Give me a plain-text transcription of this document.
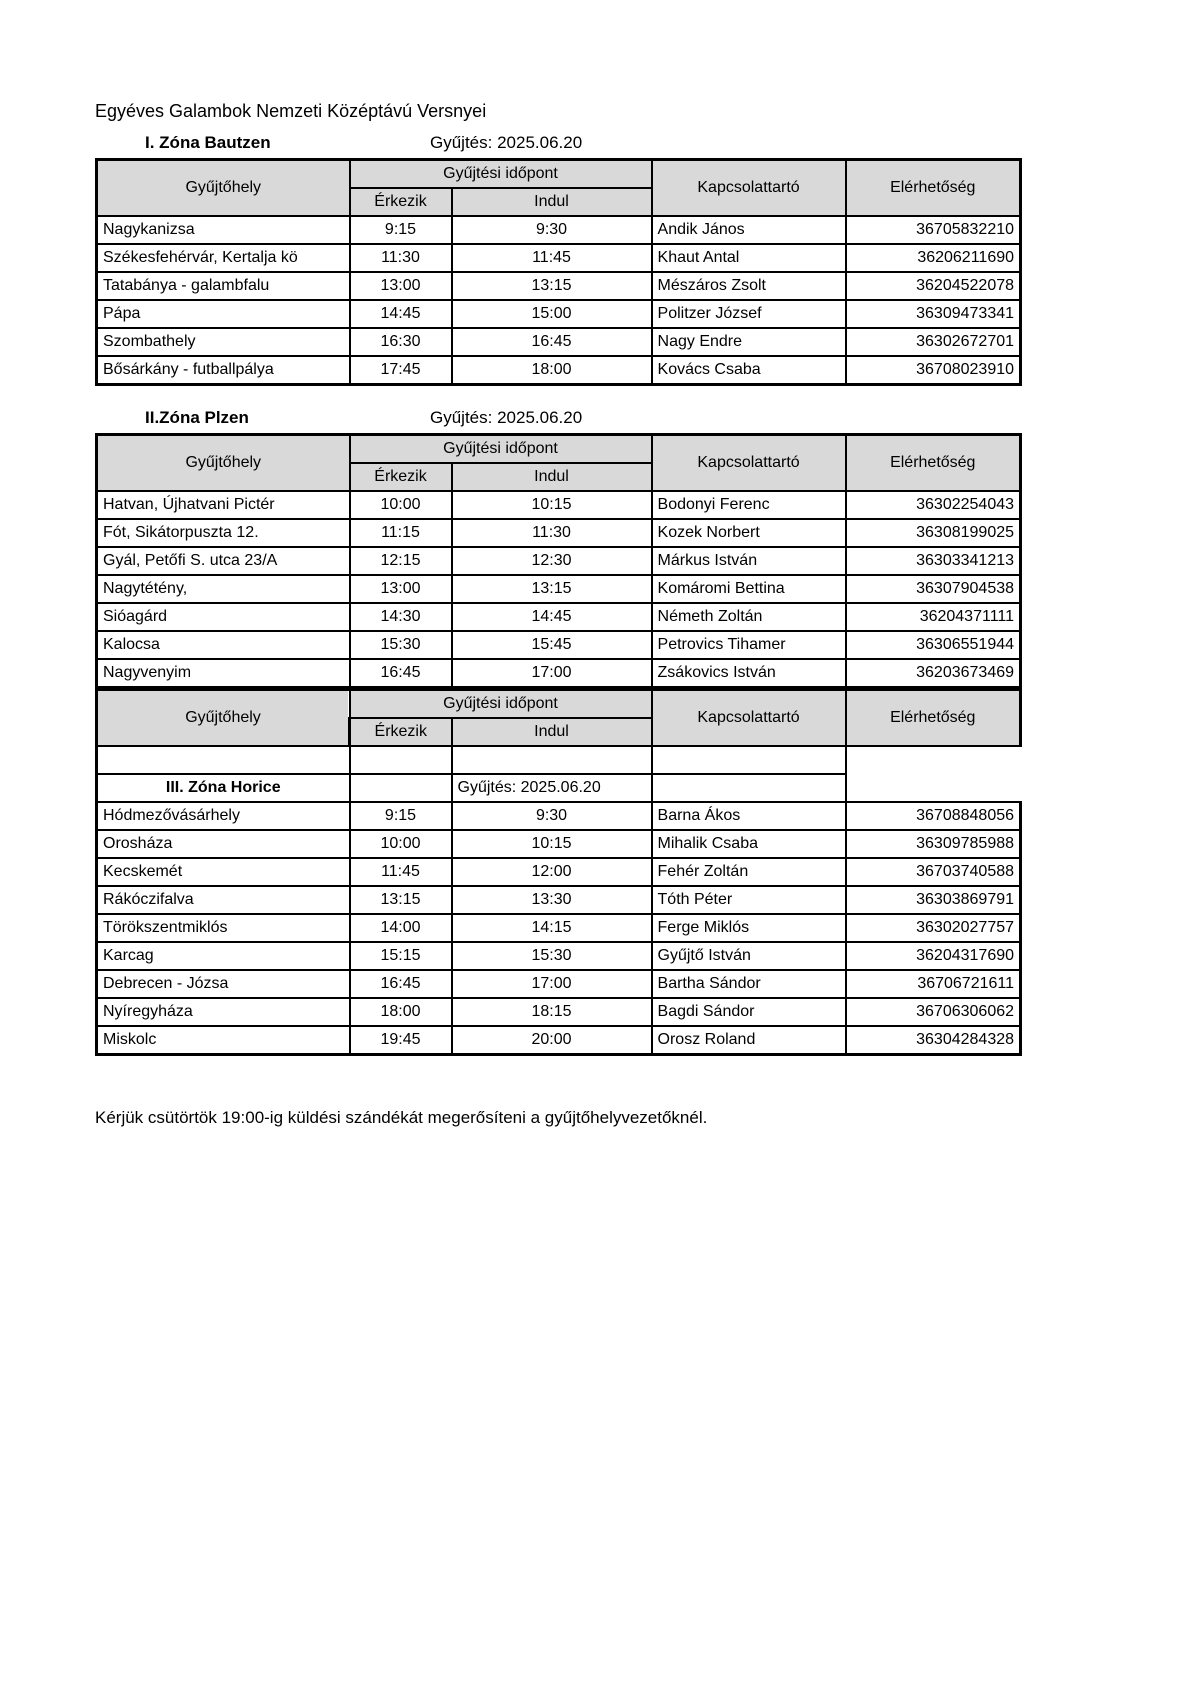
Egyéves Galambok Nemzeti Középtávú Versnyei

I. Zóna Bautzen	Gyűjtés: 2025.06.20
Gyűjtőhely	Gyűjtési időpont		Kapcsolattartó	Elérhetőség
	Érkezik	Indul		
Nagykanizsa	9:15	9:30	Andik János	36705832210
Székesfehérvár, Kertalja kö	11:30	11:45	Khaut Antal	36206211690
Tatabánya - galambfalu	13:00	13:15	Mészáros Zsolt	36204522078
Pápa	14:45	15:00	Politzer József	36309473341
Szombathely	16:30	16:45	Nagy Endre	36302672701
Bősárkány - futballpálya	17:45	18:00	Kovács Csaba	36708023910
II.Zóna Plzen	Gyűjtés: 2025.06.20
Gyűjtőhely	Gyűjtési időpont		Kapcsolattartó	Elérhetőség
	Érkezik	Indul		
Hatvan, Újhatvani Pictér	10:00	10:15	Bodonyi Ferenc	36302254043
Fót, Sikátorpuszta 12.	11:15	11:30	Kozek Norbert	36308199025
Gyál, Petőfi S. utca 23/A	12:15	12:30	Márkus István	36303341213
Nagytétény,	13:00	13:15	Komáromi Bettina	36307904538
Sióagárd	14:30	14:45	Németh Zoltán	36204371111
Kalocsa	15:30	15:45	Petrovics Tihamer	36306551944
Nagyvenyim	16:45	17:00	Zsákovics István	36203673469

III. Zóna Horice		Gyűjtés: 2025.06.20		
Gyűjtőhely	Gyűjtési időpont		Kapcsolattartó	Elérhetőség
	Érkezik	Indul		
Hódmezővásárhely	9:15	9:30	Barna Ákos	36708848056
Orosháza	10:00	10:15	Mihalik Csaba	36309785988
Kecskemét	11:45	12:00	Fehér Zoltán	36703740588
Rákóczifalva	13:15	13:30	Tóth Péter	36303869791
Törökszentmiklós	14:00	14:15	Ferge Miklós	36302027757
Karcag	15:15	15:30	Gyűjtő István	36204317690
Debrecen - Józsa	16:45	17:00	Bartha Sándor	36706721611
Nyíregyháza	18:00	18:15	Bagdi Sándor	36706306062
Miskolc	19:45	20:00	Orosz Roland	36304284328

Kérjük csütörtök 19:00-ig küldési szándékát megerősíteni a gyűjtőhelyvezetőknél.
